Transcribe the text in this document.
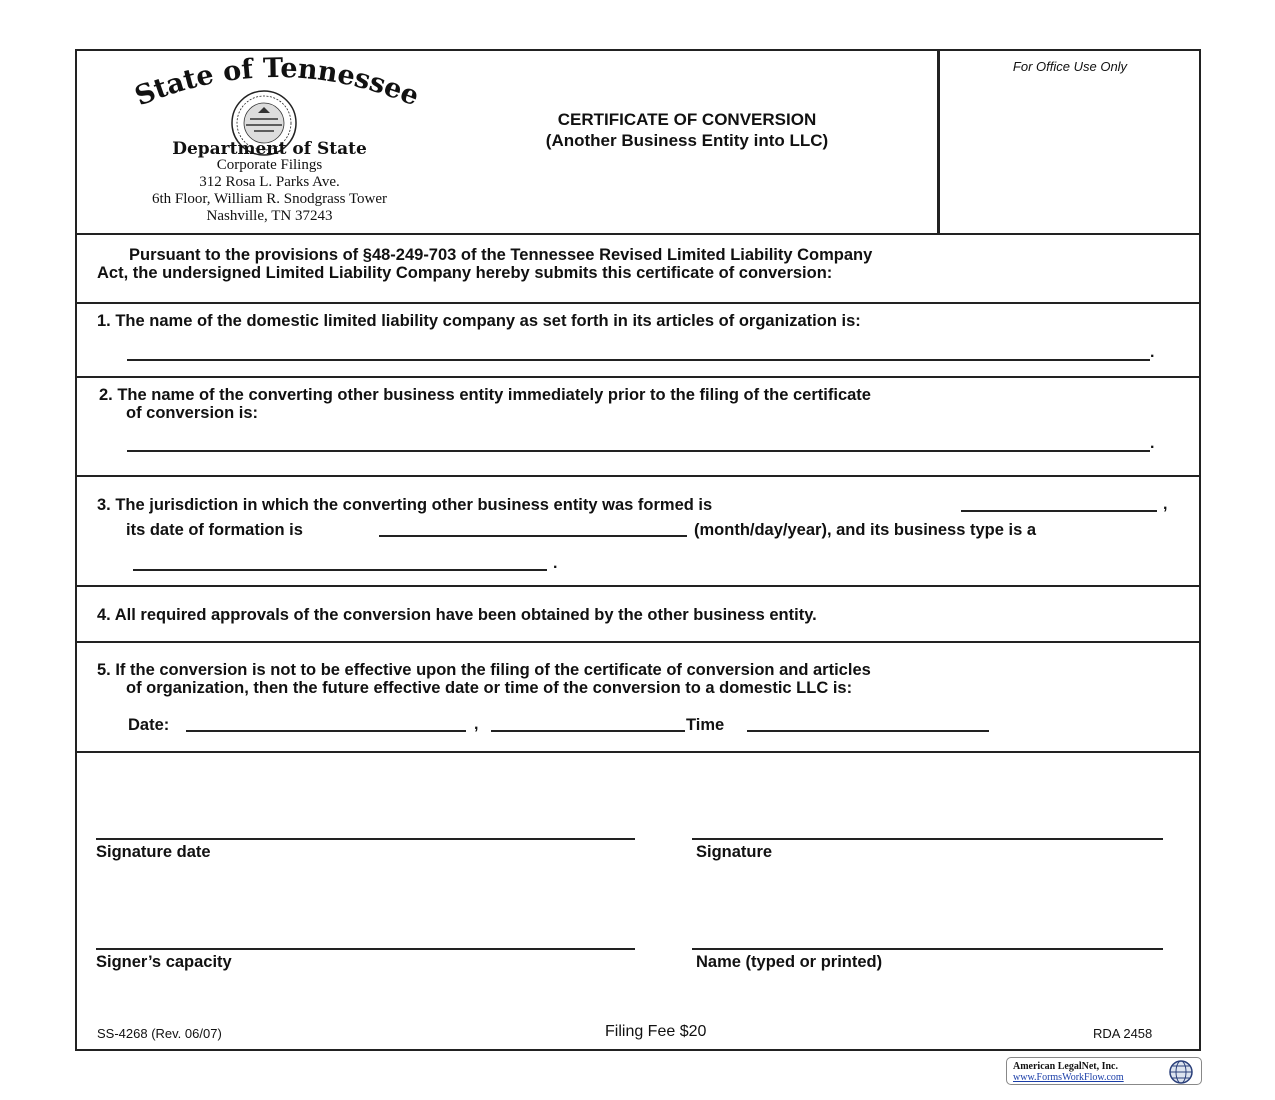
State of Tennessee
Department of State
Corporate Filings
312 Rosa L. Parks Ave.
6th Floor, William R. Snodgrass Tower
Nashville, TN 37243
CERTIFICATE OF CONVERSION
(Another Business Entity into LLC)
For Office Use Only
Pursuant to the provisions of §48-249-703 of the Tennessee Revised Limited Liability Company
Act, the undersigned Limited Liability Company hereby submits this certificate of conversion:
1. The name of the domestic limited liability company as set forth in its articles of organization is:
.
2. The name of the converting other business entity immediately prior to the filing of the certificate
of conversion is:
.
3. The jurisdiction in which the converting other business entity was formed is	,
its date of formation is	(month/day/year), and its business type is a
.
4. All required approvals of the conversion have been obtained by the other business entity.
5. If the conversion is not to be effective upon the filing of the certificate of conversion and articles
of organization, then the future effective date or time of the conversion to a domestic LLC is:
Date:	,	Time
Signature date	Signature
Signer’s capacity	Name (typed or printed)
SS-4268 (Rev. 06/07)	Filing Fee $20	RDA 2458
American LegalNet, Inc.
www.FormsWorkFlow.com
